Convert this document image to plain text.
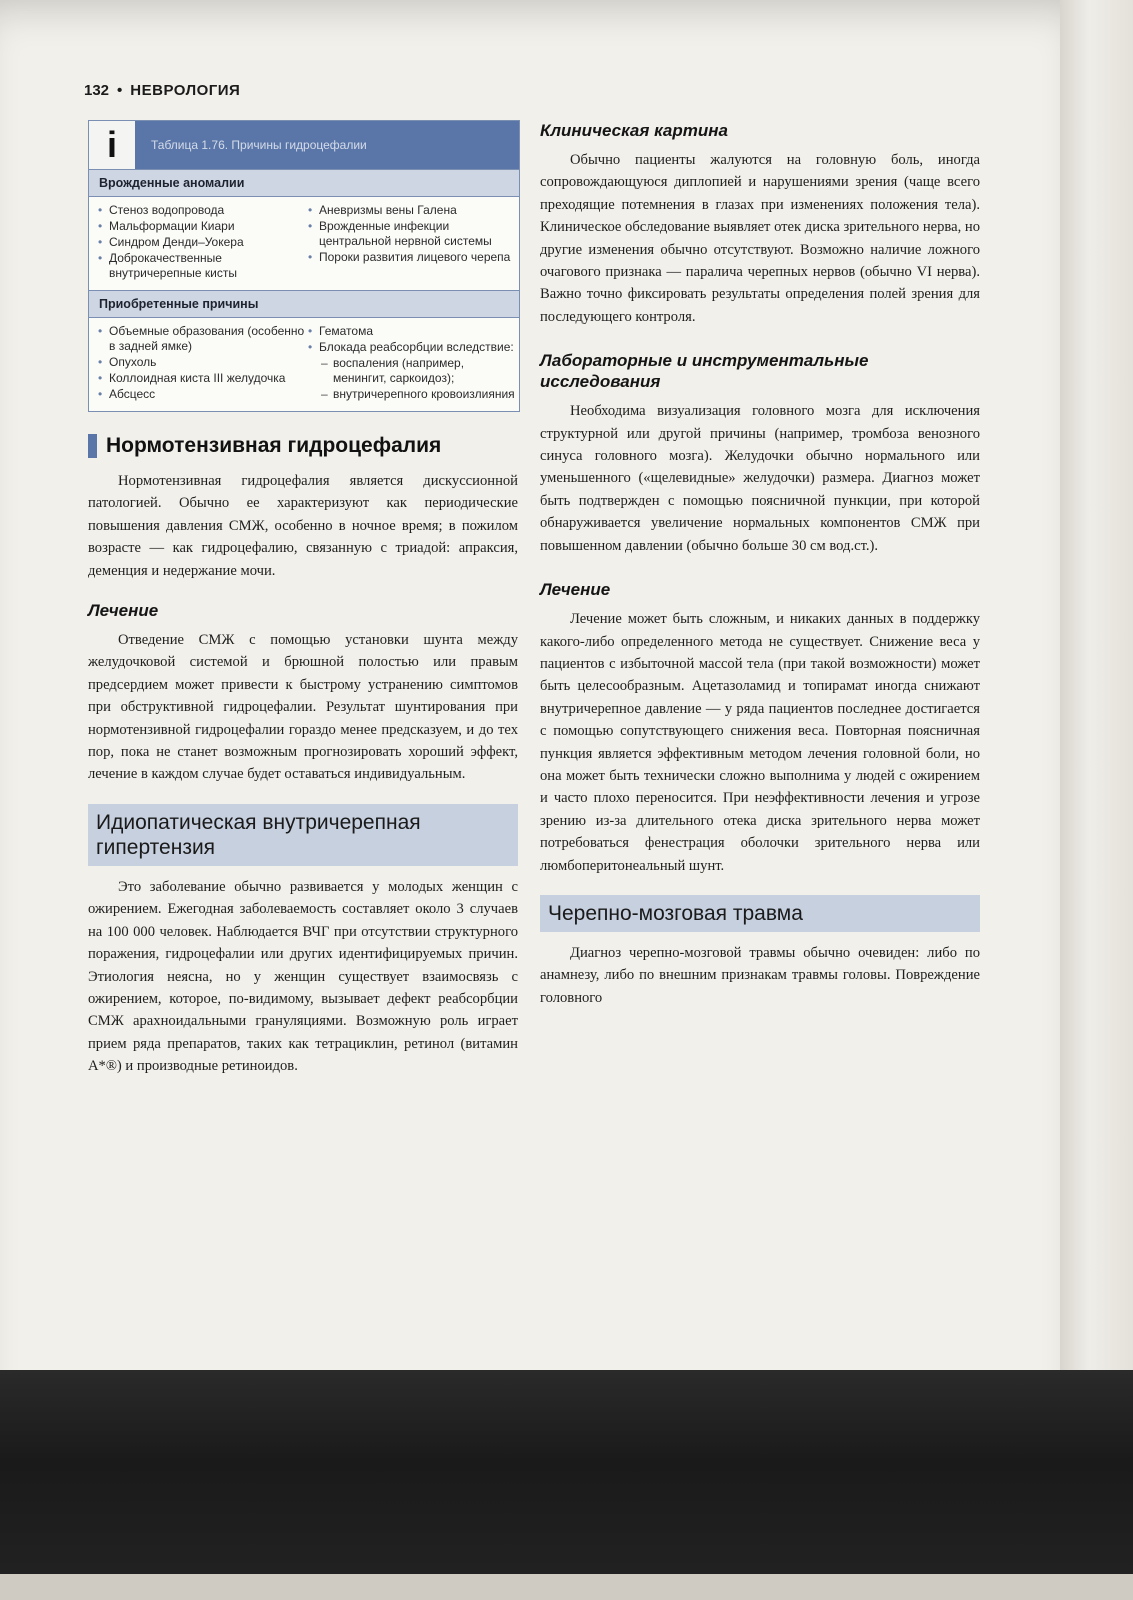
132 • НЕВРОЛОГИЯ
i	Таблица 1.76. Причины гидроцефалии
Врожденные аномалии
• Стеноз водопровода
• Мальформации Киари
• Синдром Денди–Уокера
• Доброкачественные внутричерепные кисты
• Аневризмы вены Галена
• Врожденные инфекции центральной нервной системы
• Пороки развития лицевого черепа
Приобретенные причины
• Объемные образования (особенно в задней ямке)
• Опухоль
• Коллоидная киста III желудочка
• Абсцесс
• Гематома
• Блокада реабсорбции вследствие:
– воспаления (например, менингит, саркоидоз);
– внутричерепного кровоизлияния
Нормотензивная гидроцефалия

Нормотензивная гидроцефалия является дискуссионной патологией. Обычно ее характеризуют как периодические повышения давления СМЖ, особенно в ночное время; в пожилом возрасте — как гидроцефалию, связанную с триадой: апраксия, деменция и недержание мочи.

Лечение

Отведение СМЖ с помощью установки шунта между желудочковой системой и брюшной полостью или правым предсердием может привести к быстрому устранению симптомов при обструктивной гидроцефалии. Результат шунтирования при нормотензивной гидроцефалии гораздо менее предсказуем, и до тех пор, пока не станет возможным прогнозировать хороший эффект, лечение в каждом случае будет оставаться индивидуальным.

Идиопатическая внутричерепная гипертензия

Это заболевание обычно развивается у молодых женщин с ожирением. Ежегодная заболеваемость составляет около 3 случаев на 100 000 человек. Наблюдается ВЧГ при отсутствии структурного поражения, гидроцефалии или других идентифицируемых причин. Этиология неясна, но у женщин существует взаимосвязь с ожирением, которое, по-видимому, вызывает дефект реабсорбции СМЖ арахноидальными грануляциями. Возможную роль играет прием ряда препаратов, таких как тетрациклин, ретинол (витамин А*®) и производные ретиноидов.

Клиническая картина

Обычно пациенты жалуются на головную боль, иногда сопровождающуюся диплопией и нарушениями зрения (чаще всего преходящие потемнения в глазах при изменениях положения тела). Клиническое обследование выявляет отек диска зрительного нерва, но другие изменения обычно отсутствуют. Возможно наличие ложного очагового признака — паралича черепных нервов (обычно VI нерва). Важно точно фиксировать результаты определения полей зрения для последующего контроля.

Лабораторные и инструментальные исследования

Необходима визуализация головного мозга для исключения структурной или другой причины (например, тромбоза венозного синуса головного мозга). Желудочки обычно нормального или уменьшенного («щелевидные» желудочки) размера. Диагноз может быть подтвержден с помощью поясничной пункции, при которой обнаруживается увеличение нормальных компонентов СМЖ при повышенном давлении (обычно больше 30 см вод.ст.).

Лечение

Лечение может быть сложным, и никаких данных в поддержку какого-либо определенного метода не существует. Снижение веса у пациентов с избыточной массой тела (при такой возможности) может быть целесообразным. Ацетазоламид и топирамат иногда снижают внутричерепное давление — у ряда пациентов последнее достигается с помощью сопутствующего снижения веса. Повторная поясничная пункция является эффективным методом лечения головной боли, но она может быть технически сложно выполнима у людей с ожирением и часто плохо переносится. При неэффективности лечения и угрозе зрению из-за длительного отека диска зрительного нерва может потребоваться фенестрация оболочки зрительного нерва или люмбоперитонеальный шунт.

Черепно-мозговая травма

Диагноз черепно-мозговой травмы обычно очевиден: либо по анамнезу, либо по внешним признакам травмы головы. Повреждение головного
